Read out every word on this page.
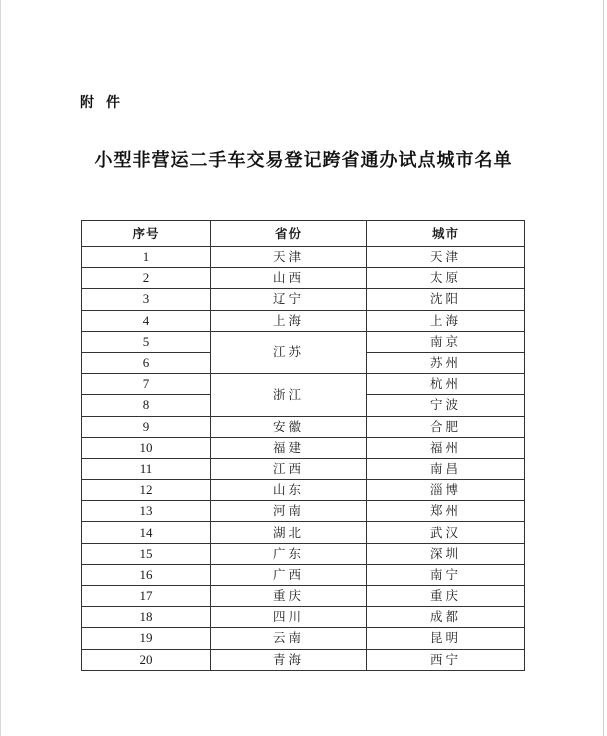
附件
小型非营运二手车交易登记跨省通办试点城市名单
序号	省份	城市
1	天津	天津
2	山西	太原
3	辽宁	沈阳
4	上海	上海
5	江苏	南京
6		苏州
7	浙江	杭州
8		宁波
9	安徽	合肥
10	福建	福州
11	江西	南昌
12	山东	淄博
13	河南	郑州
14	湖北	武汉
15	广东	深圳
16	广西	南宁
17	重庆	重庆
18	四川	成都
19	云南	昆明
20	青海	西宁
